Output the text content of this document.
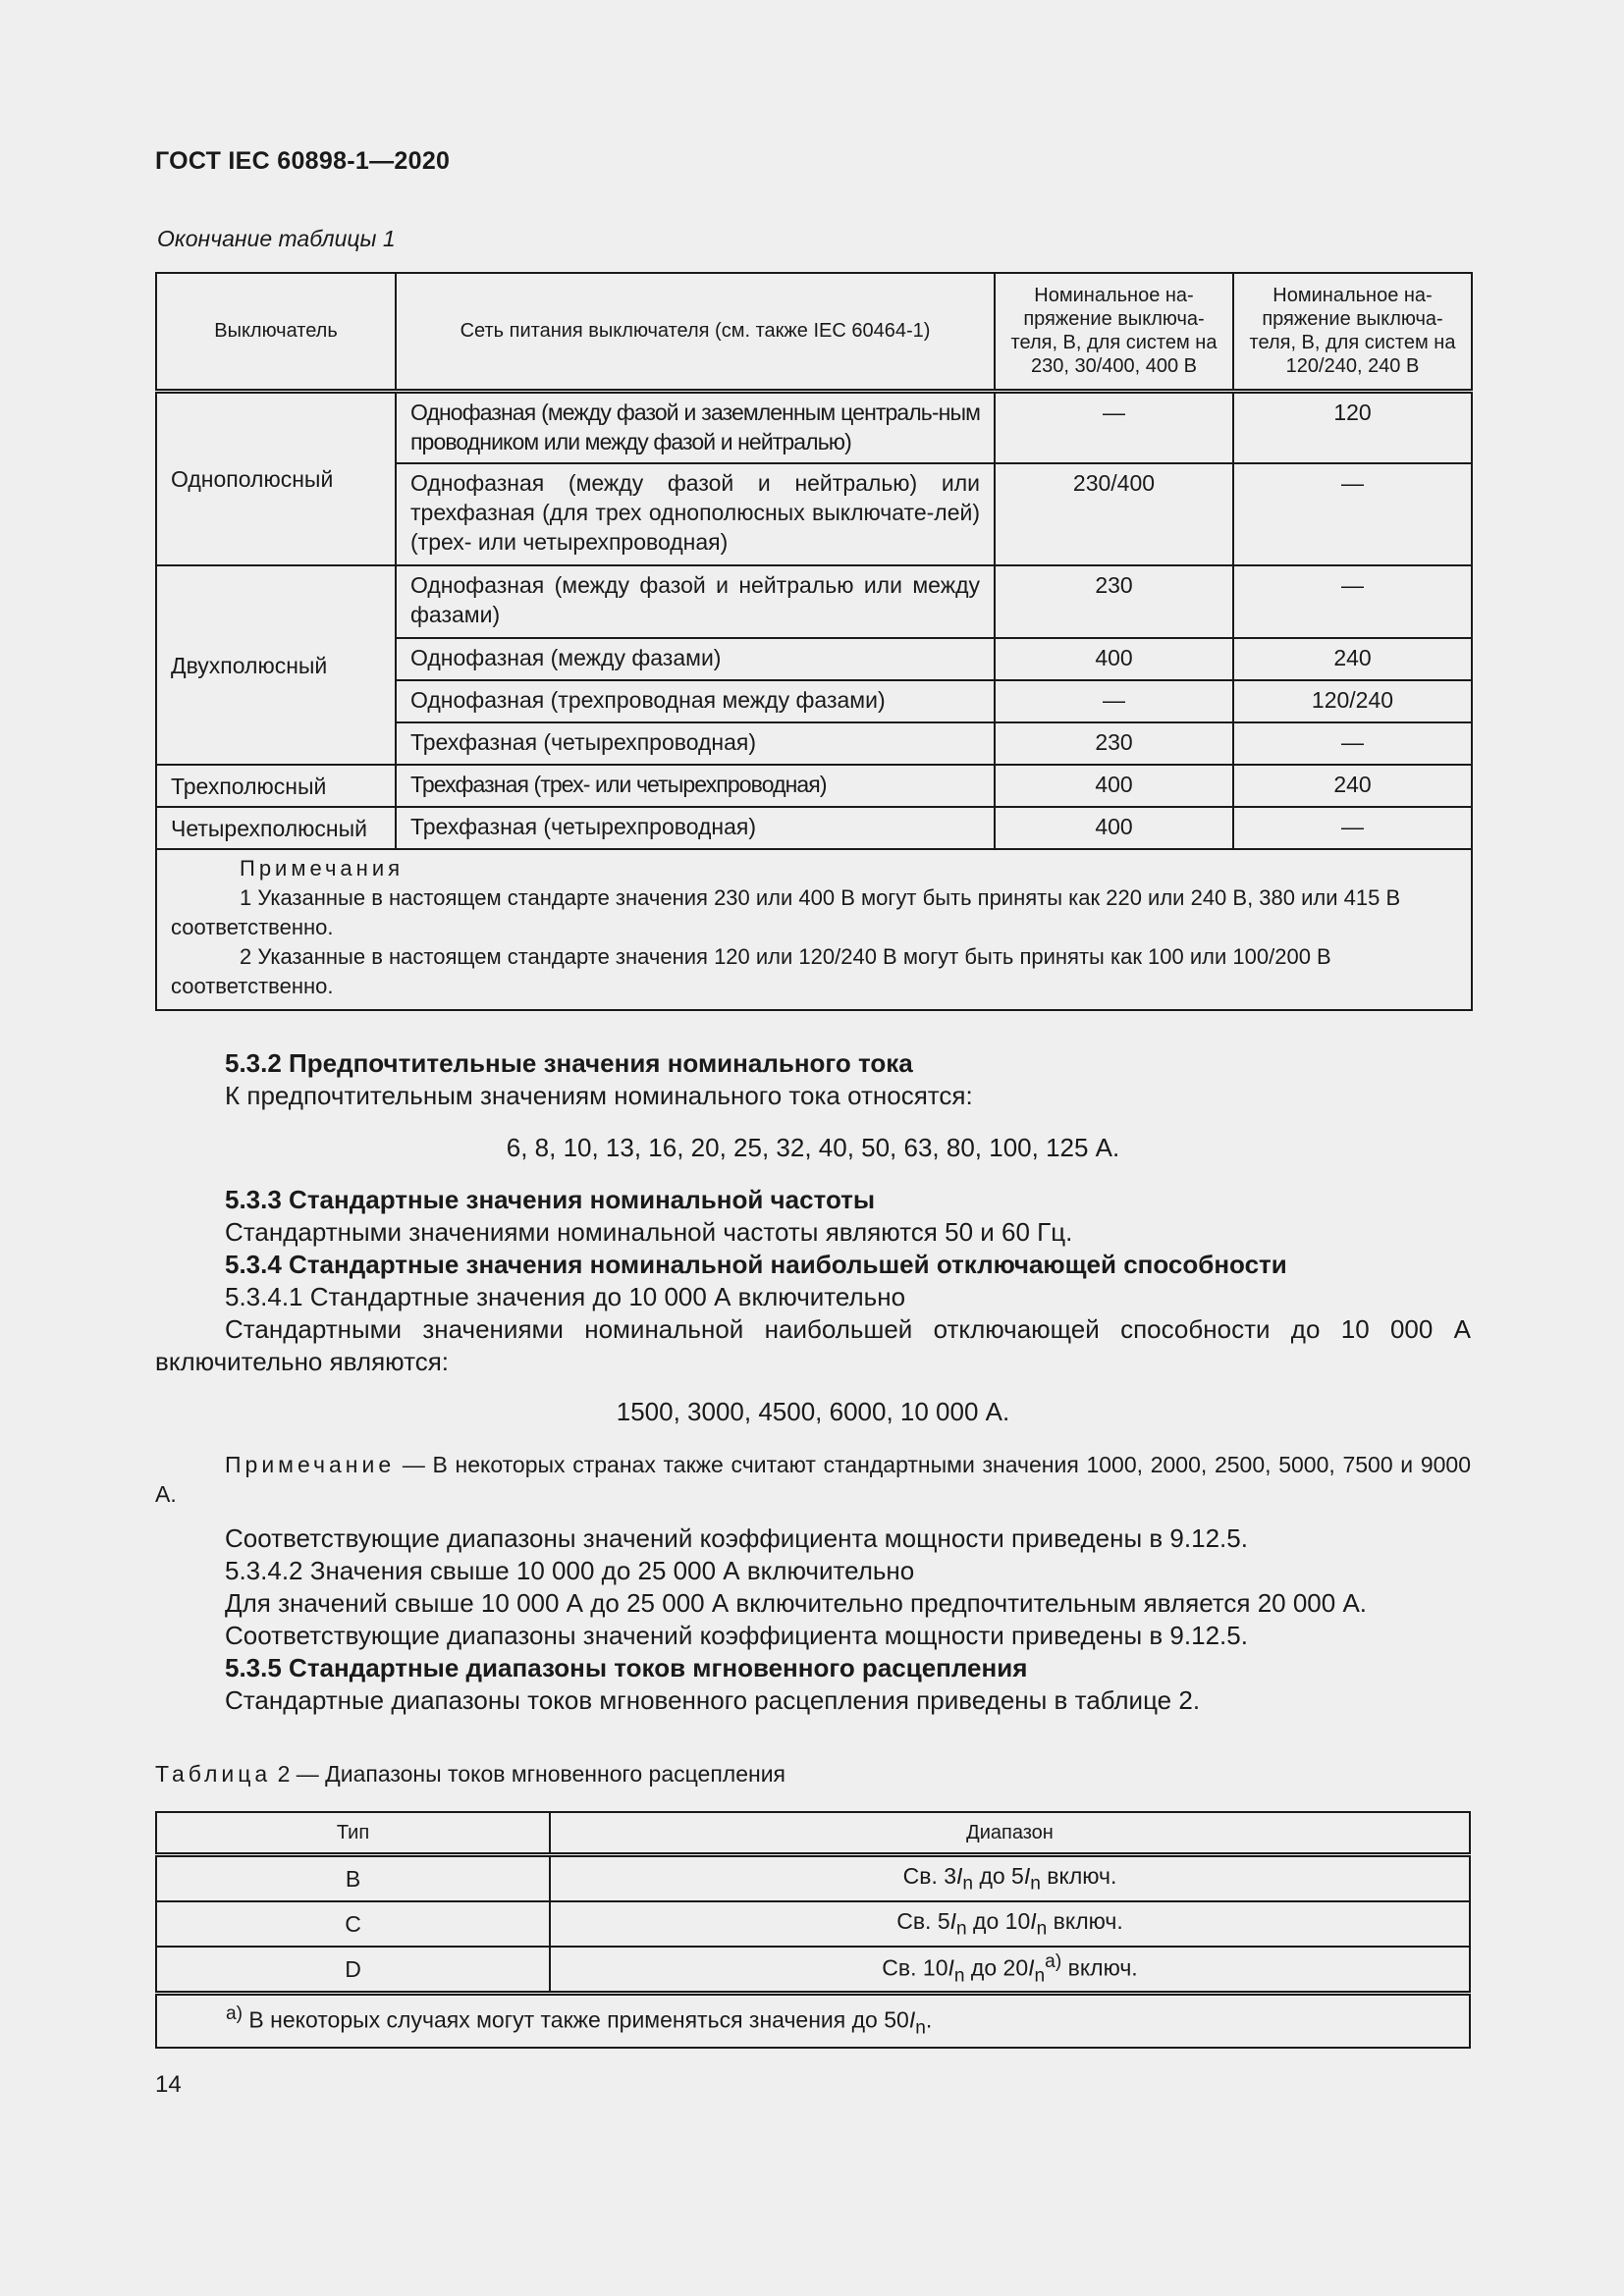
ГОСТ IEC 60898-1—2020
Окончание таблицы 1
Выключатель	Сеть питания выключателя (см. также IEC 60464-1)	Номинальное на-пряжение выключа-теля, В, для систем на 230, 30/400, 400 В	Номинальное на-пряжение выключа-теля, В, для систем на 120/240, 240 В
Однополюсный	Однофазная (между фазой и заземленным централь-ным проводником или между фазой и нейтралью)	—	120
	Однофазная (между фазой и нейтралью) или трехфазная (для трех однополюсных выключате-лей) (трех- или четырехпроводная)	230/400	—
Двухполюсный	Однофазная (между фазой и нейтралью или между фазами)	230	—
	Однофазная (между фазами)	400	240
	Однофазная (трехпроводная между фазами)	—	120/240
	Трехфазная (четырехпроводная)	230	—
Трехполюсный	Трехфазная (трех- или четырехпроводная)	400	240
Четырехполюсный	Трехфазная (четырехпроводная)	400	—

Примечания
1 Указанные в настоящем стандарте значения 230 или 400 В могут быть приняты как 220 или 240 В, 380 или 415 В соответственно.
2 Указанные в настоящем стандарте значения 120 или 120/240 В могут быть приняты как 100 или 100/200 В соответственно.			

5.3.2 Предпочтительные значения номинального тока

К предпочтительным значениям номинального тока относятся:

6, 8, 10, 13, 16, 20, 25, 32, 40, 50, 63, 80, 100, 125 А.

5.3.3 Стандартные значения номинальной частоты

Стандартными значениями номинальной частоты являются 50 и 60 Гц.

5.3.4 Стандартные значения номинальной наибольшей отключающей способности

5.3.4.1 Стандартные значения до 10 000 А включительно

Стандартными значениями номинальной наибольшей отключающей способности до 10 000 А включительно являются:

1500, 3000, 4500, 6000, 10 000 А.

Примечание — В некоторых странах также считают стандартными значения 1000, 2000, 2500, 5000, 7500 и 9000 А.

Соответствующие диапазоны значений коэффициента мощности приведены в 9.12.5.

5.3.4.2 Значения свыше 10 000 до 25 000 А включительно

Для значений свыше 10 000 А до 25 000 А включительно предпочтительным является 20 000 А.

Соответствующие диапазоны значений коэффициента мощности приведены в 9.12.5.

5.3.5 Стандартные диапазоны токов мгновенного расцепления

Стандартные диапазоны токов мгновенного расцепления приведены в таблице 2.

Таблица 2 — Диапазоны токов мгновенного расцепления
Тип	Диапазон
B	Св. $3I_n$ до $5I_n$ включ.
C	Св. $5I_n$ до $10I_n$ включ.
D	Св. $10I_n$ до $20I_n^{а)}$ включ.
$^{а)}$ В некоторых случаях могут также применяться значения до $50I_n$.	
14
